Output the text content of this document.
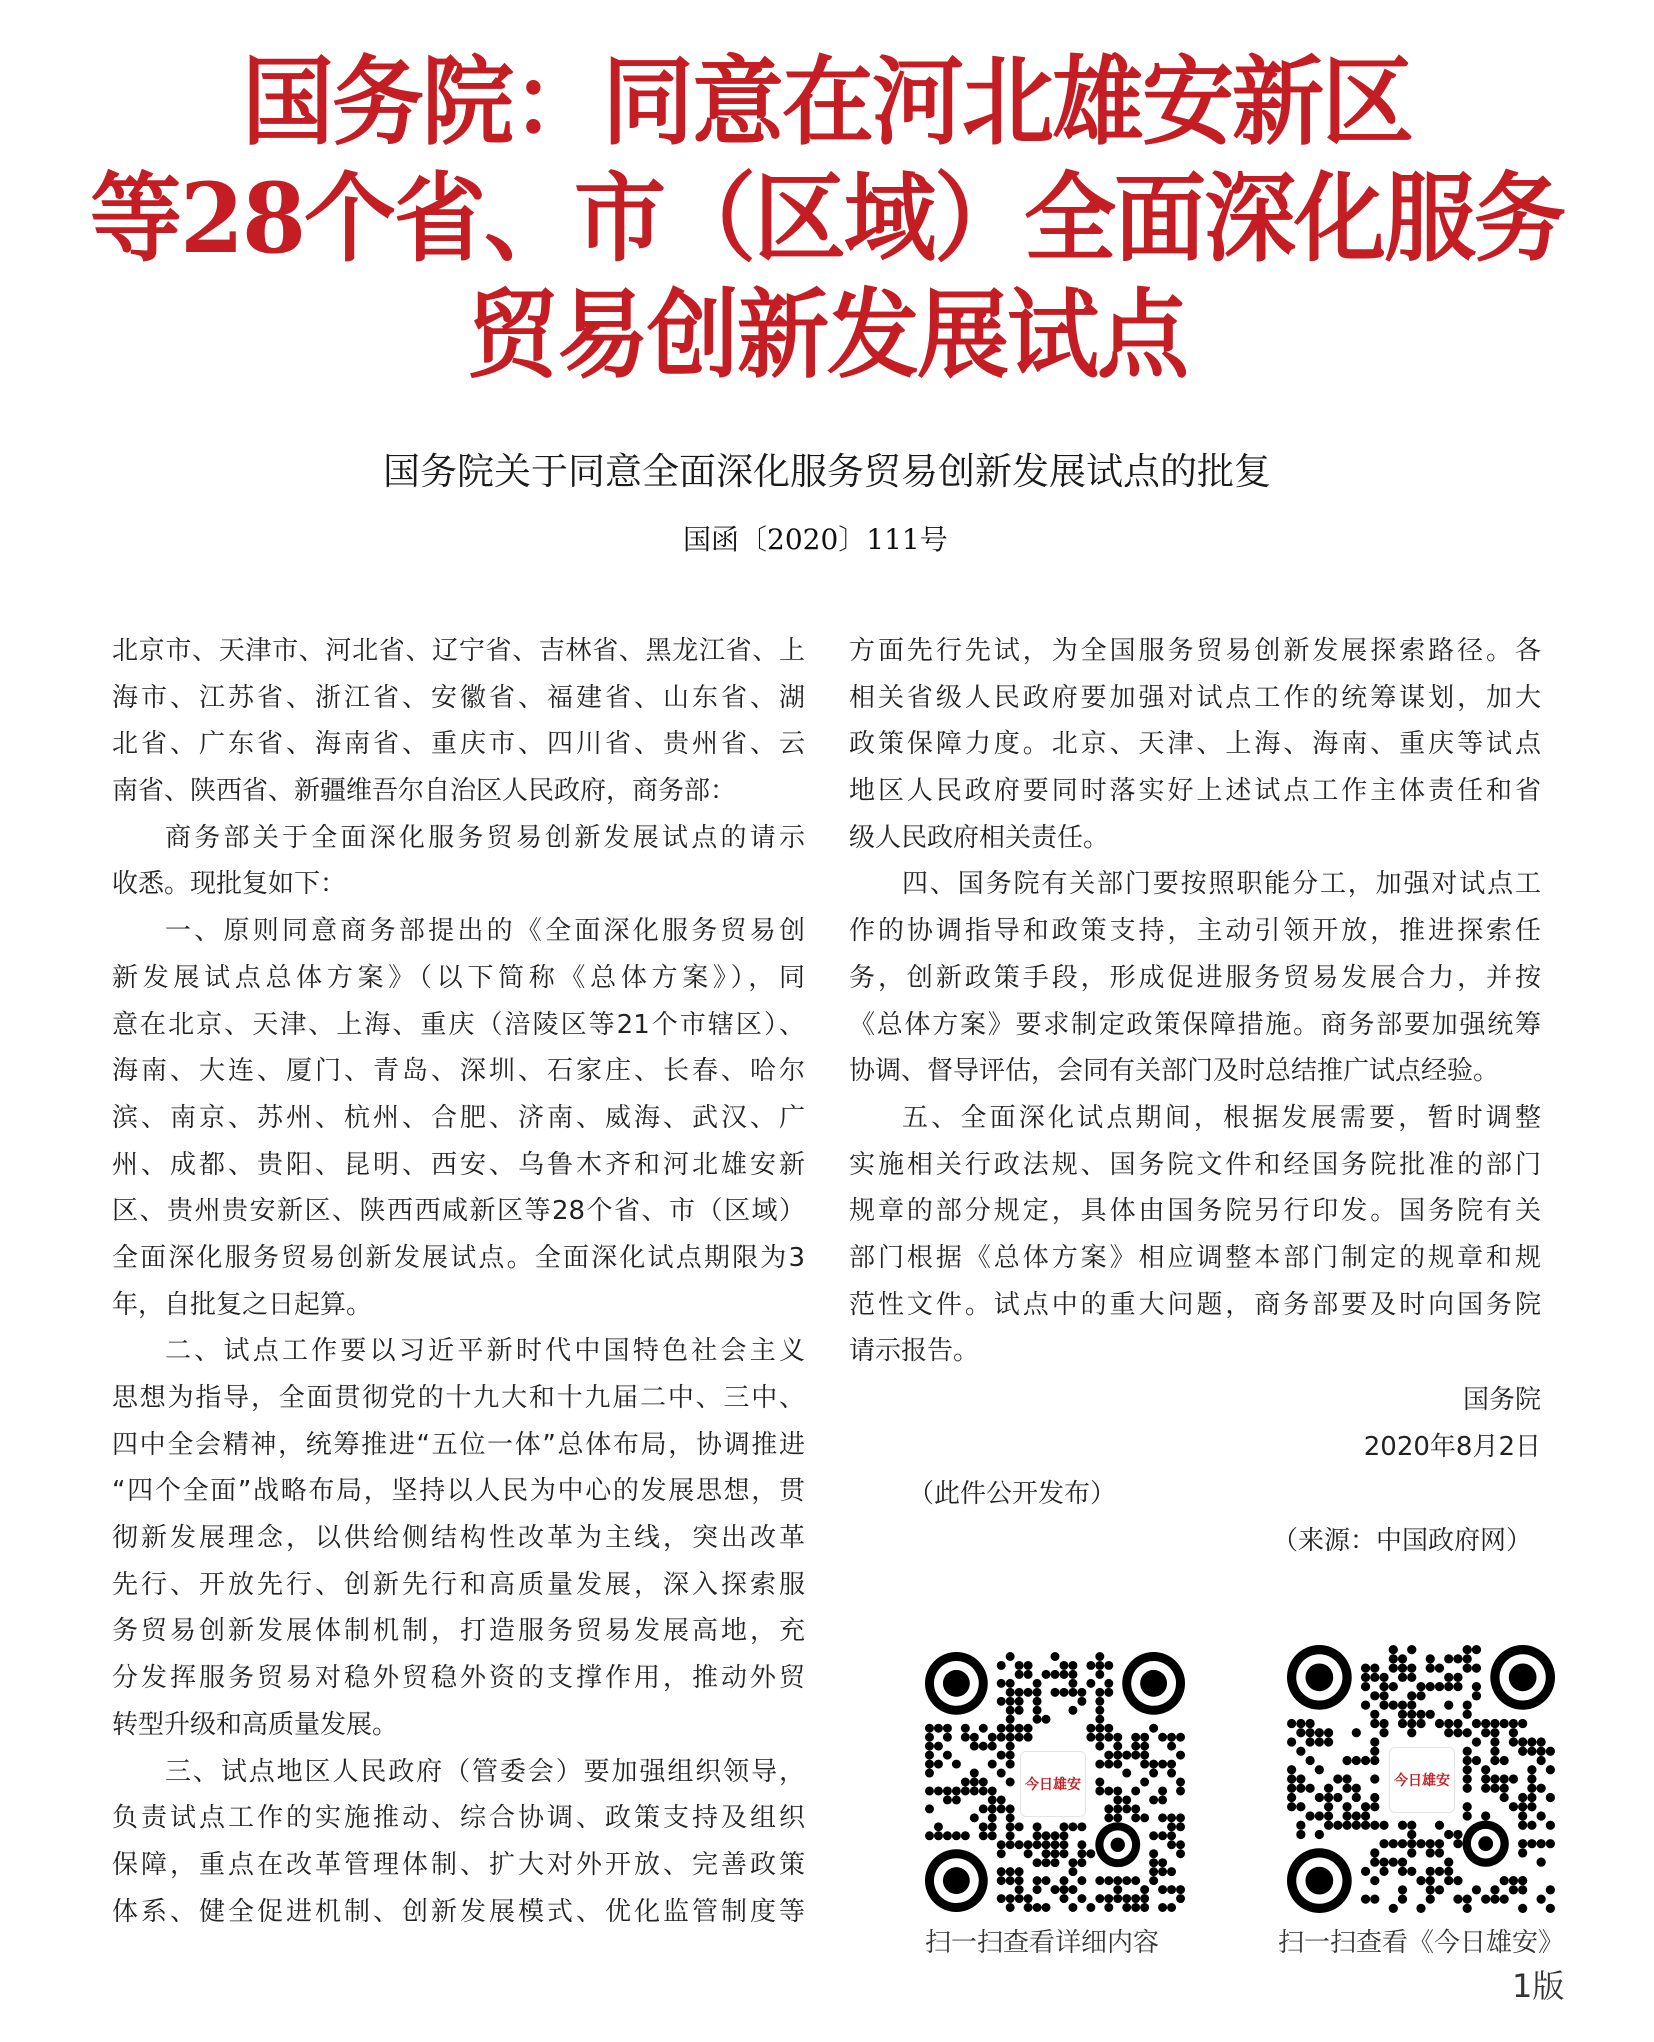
国务院：同意在河北雄安新区
等28个省、市（区域）全面深化服务
贸易创新发展试点
国务院关于同意全面深化服务贸易创新发展试点的批复
国函〔2020〕111号
北京市、天津市、河北省、辽宁省、吉林省、黑龙江省、上
海市、江苏省、浙江省、安徽省、福建省、山东省、湖
北省、广东省、海南省、重庆市、四川省、贵州省、云
南省、陕西省、新疆维吾尔自治区人民政府，商务部：
商务部关于全面深化服务贸易创新发展试点的请示
收悉。现批复如下：
一、原则同意商务部提出的《全面深化服务贸易创
新发展试点总体方案》（以下简称《总体方案》），同
意在北京、天津、上海、重庆（涪陵区等21个市辖区）、
海南、大连、厦门、青岛、深圳、石家庄、长春、哈尔
滨、南京、苏州、杭州、合肥、济南、威海、武汉、广
州、成都、贵阳、昆明、西安、乌鲁木齐和河北雄安新
区、贵州贵安新区、陕西西咸新区等28个省、市（区域）
全面深化服务贸易创新发展试点。全面深化试点期限为3
年，自批复之日起算。
二、试点工作要以习近平新时代中国特色社会主义
思想为指导，全面贯彻党的十九大和十九届二中、三中、
四中全会精神，统筹推进“五位一体”总体布局，协调推进
“四个全面”战略布局，坚持以人民为中心的发展思想，贯
彻新发展理念，以供给侧结构性改革为主线，突出改革
先行、开放先行、创新先行和高质量发展，深入探索服
务贸易创新发展体制机制，打造服务贸易发展高地，充
分发挥服务贸易对稳外贸稳外资的支撑作用，推动外贸
转型升级和高质量发展。
三、试点地区人民政府（管委会）要加强组织领导，
负责试点工作的实施推动、综合协调、政策支持及组织
保障，重点在改革管理体制、扩大对外开放、完善政策
体系、健全促进机制、创新发展模式、优化监管制度等
方面先行先试，为全国服务贸易创新发展探索路径。各
相关省级人民政府要加强对试点工作的统筹谋划，加大
政策保障力度。北京、天津、上海、海南、重庆等试点
地区人民政府要同时落实好上述试点工作主体责任和省
级人民政府相关责任。
四、国务院有关部门要按照职能分工，加强对试点工
作的协调指导和政策支持，主动引领开放，推进探索任
务，创新政策手段，形成促进服务贸易发展合力，并按
《总体方案》要求制定政策保障措施。商务部要加强统筹
协调、督导评估，会同有关部门及时总结推广试点经验。
五、全面深化试点期间，根据发展需要，暂时调整
实施相关行政法规、国务院文件和经国务院批准的部门
规章的部分规定，具体由国务院另行印发。国务院有关
部门根据《总体方案》相应调整本部门制定的规章和规
范性文件。试点中的重大问题，商务部要及时向国务院
请示报告。
国务院
2020年8月2日
（此件公开发布）
（来源：中国政府网）
今日雄安
扫一扫查看详细内容
今日雄安
扫一扫查看《今日雄安》
1版
